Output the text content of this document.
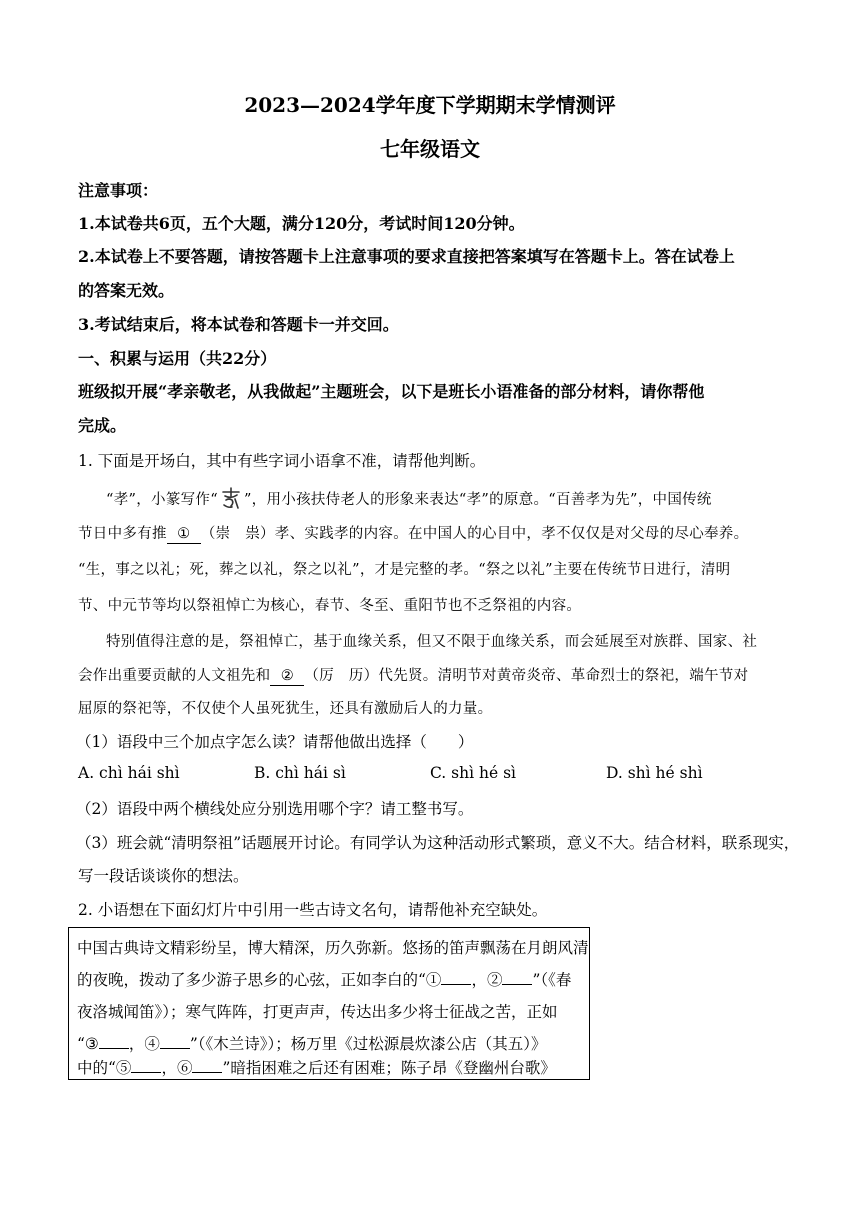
2023—2024学年度下学期期末学情测评
七年级语文
注意事项：
1.本试卷共6页，五个大题，满分120分，考试时间120分钟。
2.本试卷上不要答题，请按答题卡上注意事项的要求直接把答案填写在答题卡上。答在试卷上
的答案无效。
3.考试结束后，将本试卷和答题卡一并交回。
一、积累与运用（共22分）
班级拟开展“孝亲敬老，从我做起”主题班会，以下是班长小语准备的部分材料，请你帮他
完成。
1. 下面是开场白，其中有些字词小语拿不准，请帮他判断。
“孝”，小篆写作“ ”，用小孩扶侍老人的形象来表达“孝”的原意。“百善孝为先”，中国传统
节日中多有推 ① （崇　祟）孝、实践孝的内容。在中国人的心目中，孝不仅仅是对父母的尽心奉养。
“生，事之以礼；死，葬之以礼，祭之以礼”，才是完整的孝。“祭之以礼”主要在传统节日进行，清明
节、中元节等均以祭祖悼亡为核心，春节、冬至、重阳节也不乏祭祖的内容。
特别值得注意的是，祭祖悼亡，基于血缘关系，但又不限于血缘关系，而会延展至对族群、国家、社
会作出重要贡献的人文祖先和 ② （厉　历）代先贤。清明节对黄帝炎帝、革命烈士的祭祀，端午节对
屈原的祭祀等，不仅使个人虽死犹生，还具有激励后人的力量。
（1）语段中三个加点字怎么读？请帮他做出选择（　　）
A. chì hái shì	B. chì hái sì	C. shì hé sì	D. shì hé shì
（2）语段中两个横线处应分别选用哪个字？请工整书写。
（3）班会就“清明祭祖”话题展开讨论。有同学认为这种活动形式繁琐，意义不大。结合材料，联系现实，
写一段话谈谈你的想法。
2. 小语想在下面幻灯片中引用一些古诗文名句，请帮他补充空缺处。
中国古典诗文精彩纷呈，博大精深，历久弥新。悠扬的笛声飘荡在月朗风清
的夜晚，拨动了多少游子思乡的心弦，正如李白的“① ，② ”（《春
夜洛城闻笛》）；寒气阵阵，打更声声，传达出多少将士征战之苦，正如
“③ ，④ ”（《木兰诗》）；杨万里《过松源晨炊漆公店（其五）》
中的“⑤ ，⑥ ”暗指困难之后还有困难；陈子昂《登幽州台歌》
